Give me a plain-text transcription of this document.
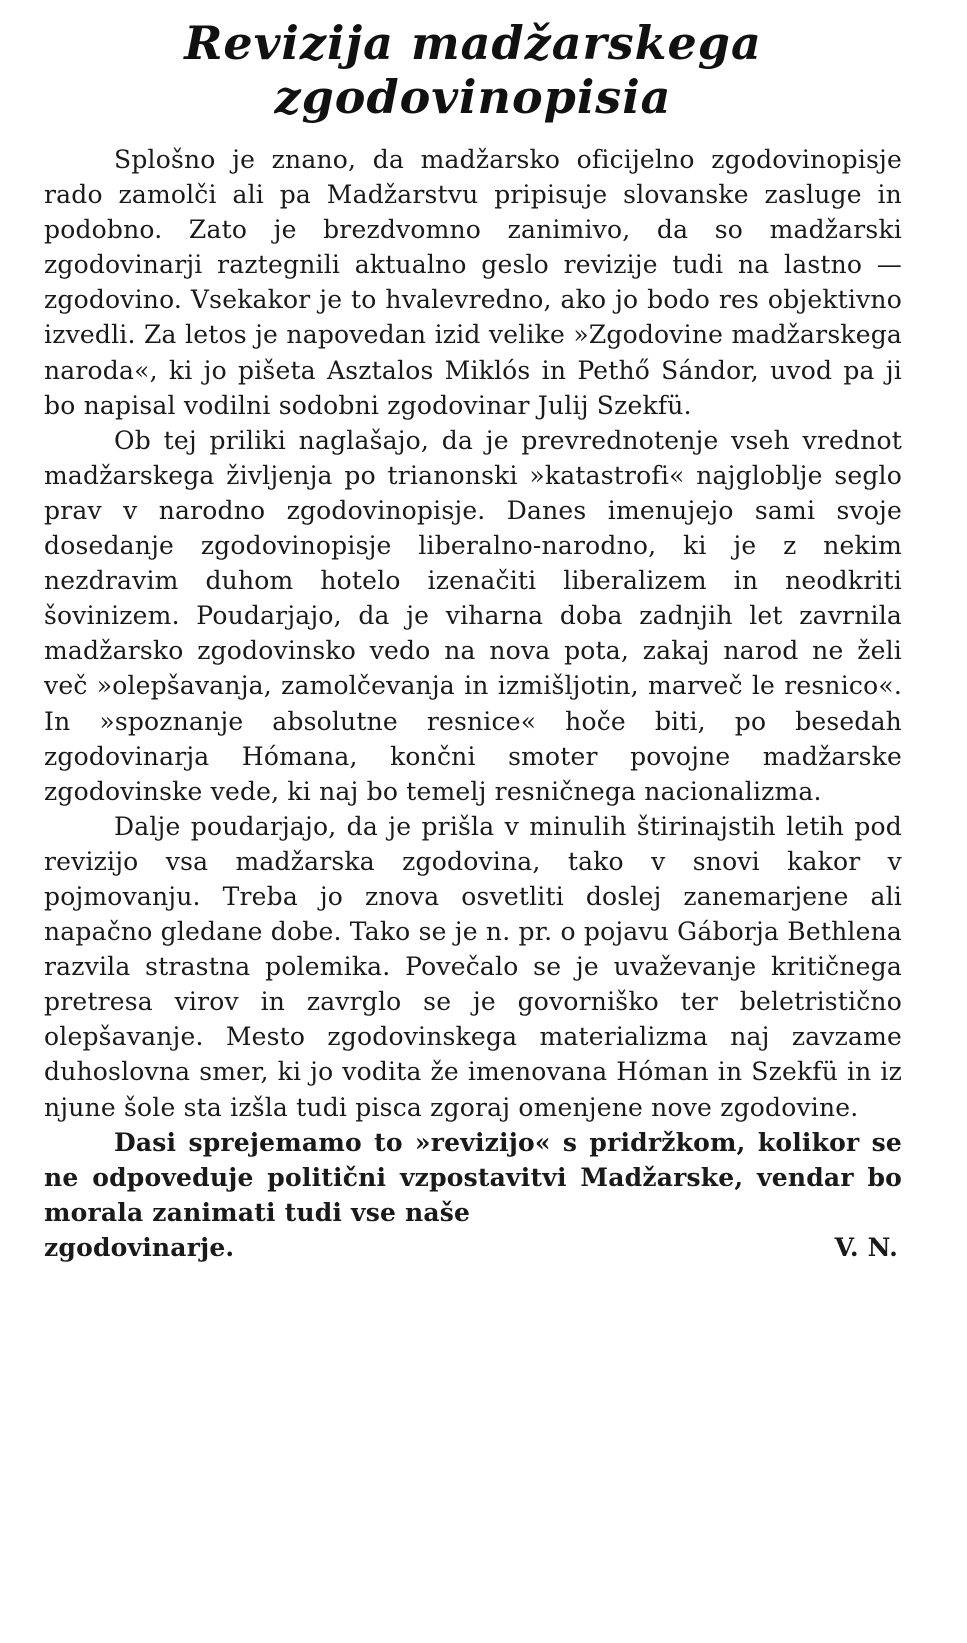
Revizija madžarskega
zgodovinopisia

Splošno je znano, da madžarsko oficijelno zgodovinopisje rado zamolči ali pa Madžarstvu pripisuje slovanske zasluge in podobno. Zato je brezdvomno zanimivo, da so madžarski zgodovinarji raztegnili aktualno geslo revizije tudi na lastno — zgodovino. Vsekakor je to hvalevredno, ako jo bodo res objektivno izvedli. Za letos je napovedan izid velike »Zgodovine madžarskega naroda«, ki jo pišeta Asztalos Miklós in Pethő Sándor, uvod pa ji bo napisal vodilni sodobni zgodovinar Julij Szekfü.

Ob tej priliki naglašajo, da je prevrednotenje vseh vrednot madžarskega življenja po trianonski »katastrofi« najgloblje seglo prav v narodno zgodovinopisje. Danes imenujejo sami svoje dosedanje zgodovinopisje liberalno-narodno, ki je z nekim nezdravim duhom hotelo izenačiti liberalizem in neodkriti šovinizem. Poudarjajo, da je viharna doba zadnjih let zavrnila madžarsko zgodovinsko vedo na nova pota, zakaj narod ne želi več »olepšavanja, zamolčevanja in izmišljotin, marveč le resnico«. In »spoznanje absolutne resnice« hoče biti, po besedah zgodovinarja Hómana, končni smoter povojne madžarske zgodovinske vede, ki naj bo temelj resničnega nacionalizma.

Dalje poudarjajo, da je prišla v minulih štirinajstih letih pod revizijo vsa madžarska zgodovina, tako v snovi kakor v pojmovanju. Treba jo znova osvetliti doslej zanemarjene ali napačno gledane dobe. Tako se je n. pr. o pojavu Gáborja Bethlena razvila strastna polemika. Povečalo se je uvaževanje kritičnega pretresa virov in zavrglo se je govorniško ter beletristično olepšavanje. Mesto zgodovinskega materializma naj zavzame duhoslovna smer, ki jo vodita že imenovana Hóman in Szekfü in iz njune šole sta izšla tudi pisca zgoraj omenjene nove zgodovine.

Dasi sprejemamo to »revizijo« s pridržkom, kolikor se ne odpoveduje politični vzpostavitvi Madžarske, vendar bo morala zanimati tudi vse naše

zgodovinarje.	V. N.
